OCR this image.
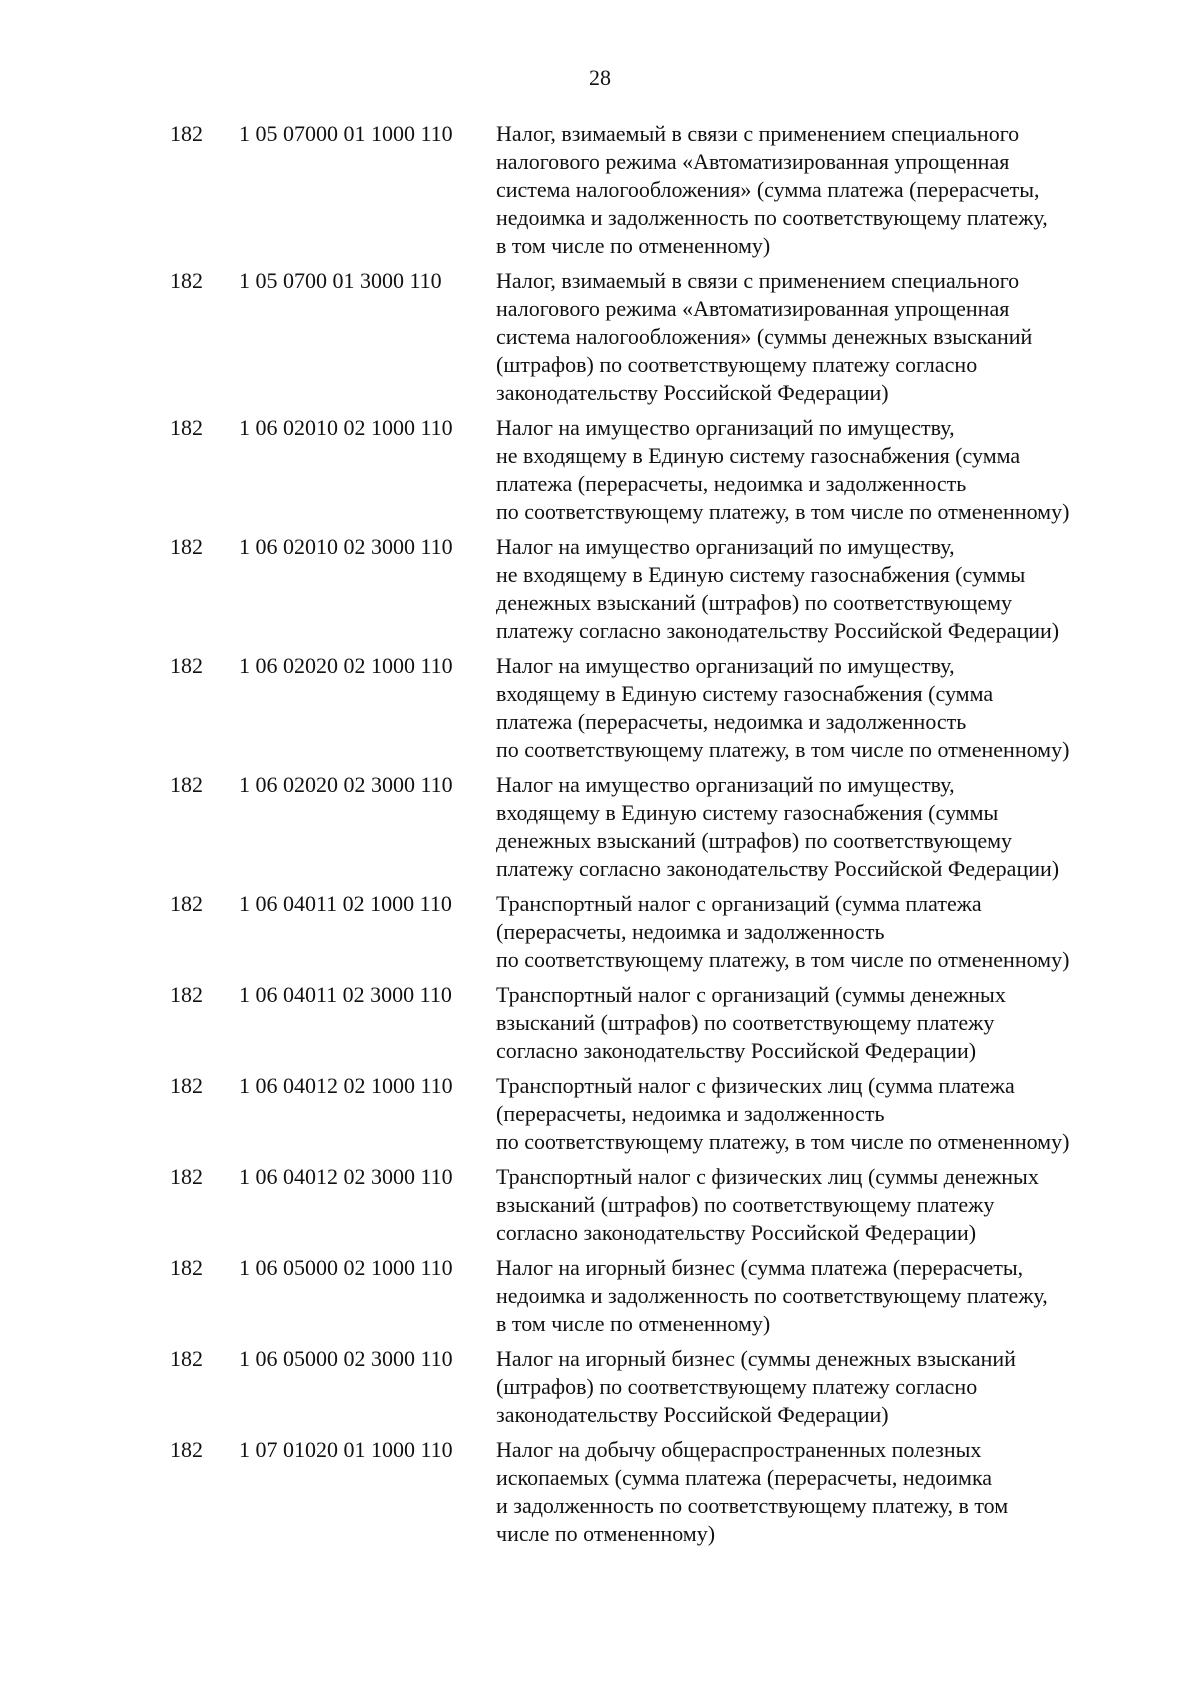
28
182 1 05 07000 01 1000 110 Налог, взимаемый в связи с применением специального
налогового режима «Автоматизированная упрощенная
система налогообложения» (сумма платежа (перерасчеты,
недоимка и задолженность по соответствующему платежу,
в том числе по отмененному)
182 1 05 0700 01 3000 110 Налог, взимаемый в связи с применением специального
налогового режима «Автоматизированная упрощенная
система налогообложения» (суммы денежных взысканий
(штрафов) по соответствующему платежу согласно
законодательству Российской Федерации)
182 1 06 02010 02 1000 110 Налог на имущество организаций по имуществу,
не входящему в Единую систему газоснабжения (сумма
платежа (перерасчеты, недоимка и задолженность
по соответствующему платежу, в том числе по отмененному)
182 1 06 02010 02 3000 110 Налог на имущество организаций по имуществу,
не входящему в Единую систему газоснабжения (суммы
денежных взысканий (штрафов) по соответствующему
платежу согласно законодательству Российской Федерации)
182 1 06 02020 02 1000 110 Налог на имущество организаций по имуществу,
входящему в Единую систему газоснабжения (сумма
платежа (перерасчеты, недоимка и задолженность
по соответствующему платежу, в том числе по отмененному)
182 1 06 02020 02 3000 110 Налог на имущество организаций по имуществу,
входящему в Единую систему газоснабжения (суммы
денежных взысканий (штрафов) по соответствующему
платежу согласно законодательству Российской Федерации)
182 1 06 04011 02 1000 110 Транспортный налог с организаций (сумма платежа
(перерасчеты, недоимка и задолженность
по соответствующему платежу, в том числе по отмененному)
182 1 06 04011 02 3000 110 Транспортный налог с организаций (суммы денежных
взысканий (штрафов) по соответствующему платежу
согласно законодательству Российской Федерации)
182 1 06 04012 02 1000 110 Транспортный налог с физических лиц (сумма платежа
(перерасчеты, недоимка и задолженность
по соответствующему платежу, в том числе по отмененному)
182 1 06 04012 02 3000 110 Транспортный налог с физических лиц (суммы денежных
взысканий (штрафов) по соответствующему платежу
согласно законодательству Российской Федерации)
182 1 06 05000 02 1000 110 Налог на игорный бизнес (сумма платежа (перерасчеты,
недоимка и задолженность по соответствующему платежу,
в том числе по отмененному)
182 1 06 05000 02 3000 110 Налог на игорный бизнес (суммы денежных взысканий
(штрафов) по соответствующему платежу согласно
законодательству Российской Федерации)
182 1 07 01020 01 1000 110 Налог на добычу общераспространенных полезных
ископаемых (сумма платежа (перерасчеты, недоимка
и задолженность по соответствующему платежу, в том
числе по отмененному)
